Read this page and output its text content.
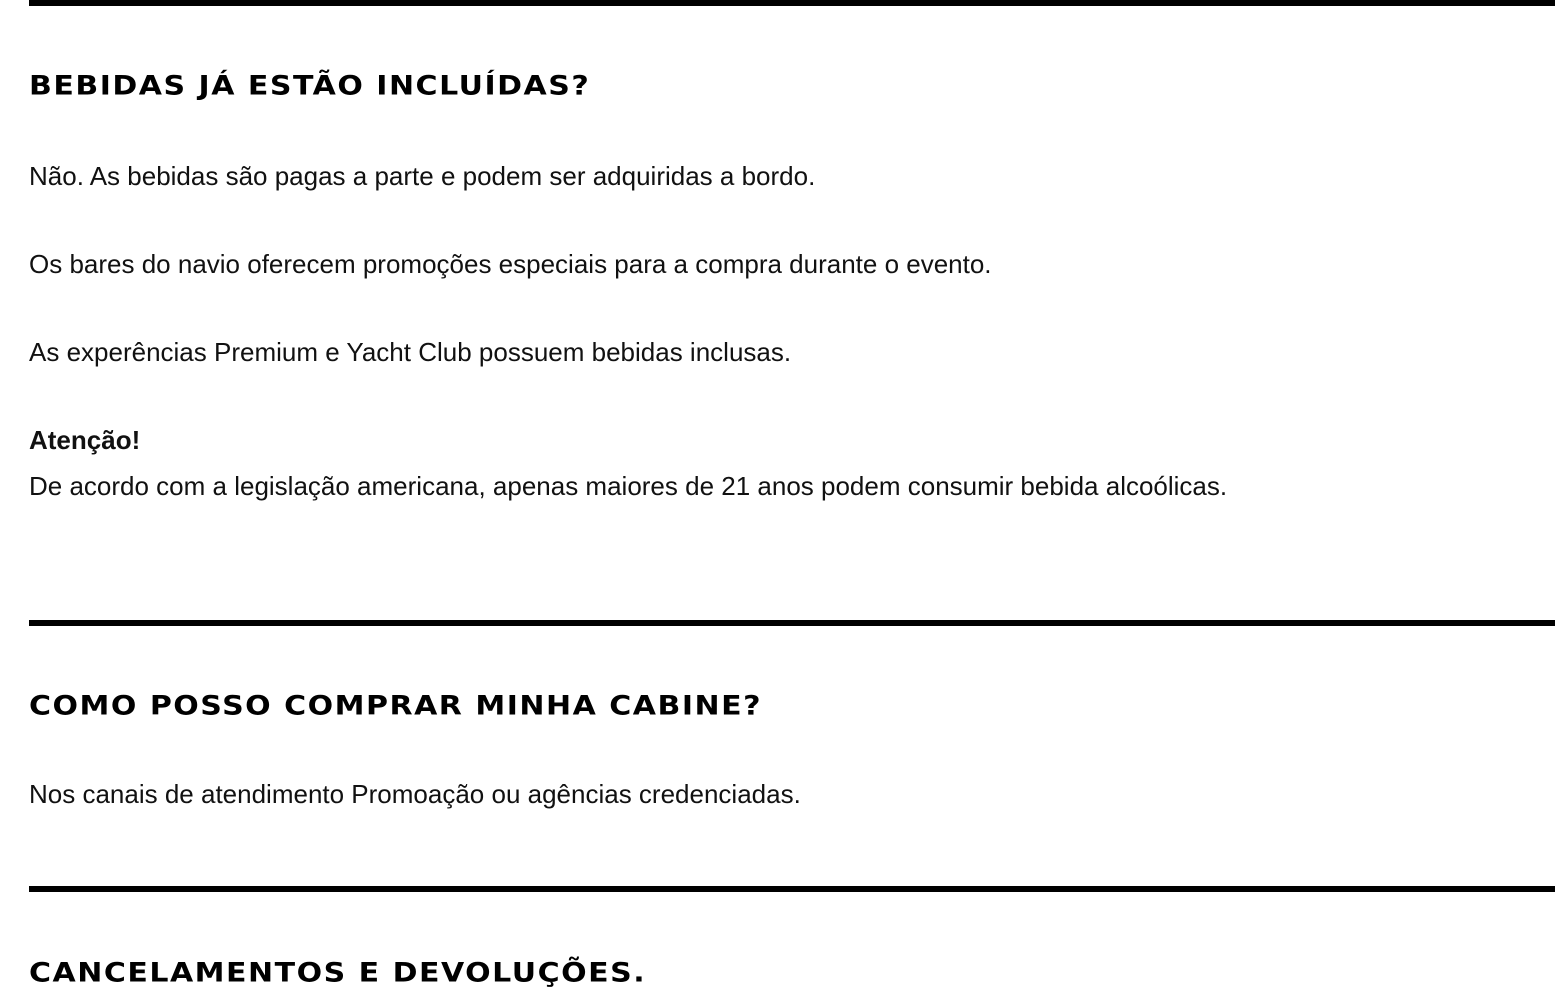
BEBIDAS JÁ ESTÃO INCLUÍDAS?

Não. As bebidas são pagas a parte e podem ser adquiridas a bordo.

Os bares do navio oferecem promoções especiais para a compra durante o evento.

As experências Premium e Yacht Club possuem bebidas inclusas.

Atenção!

De acordo com a legislação americana, apenas maiores de 21 anos podem consumir bebida alcoólicas.

COMO POSSO COMPRAR MINHA CABINE?

Nos canais de atendimento Promoação ou agências credenciadas.

CANCELAMENTOS E DEVOLUÇÕES.
